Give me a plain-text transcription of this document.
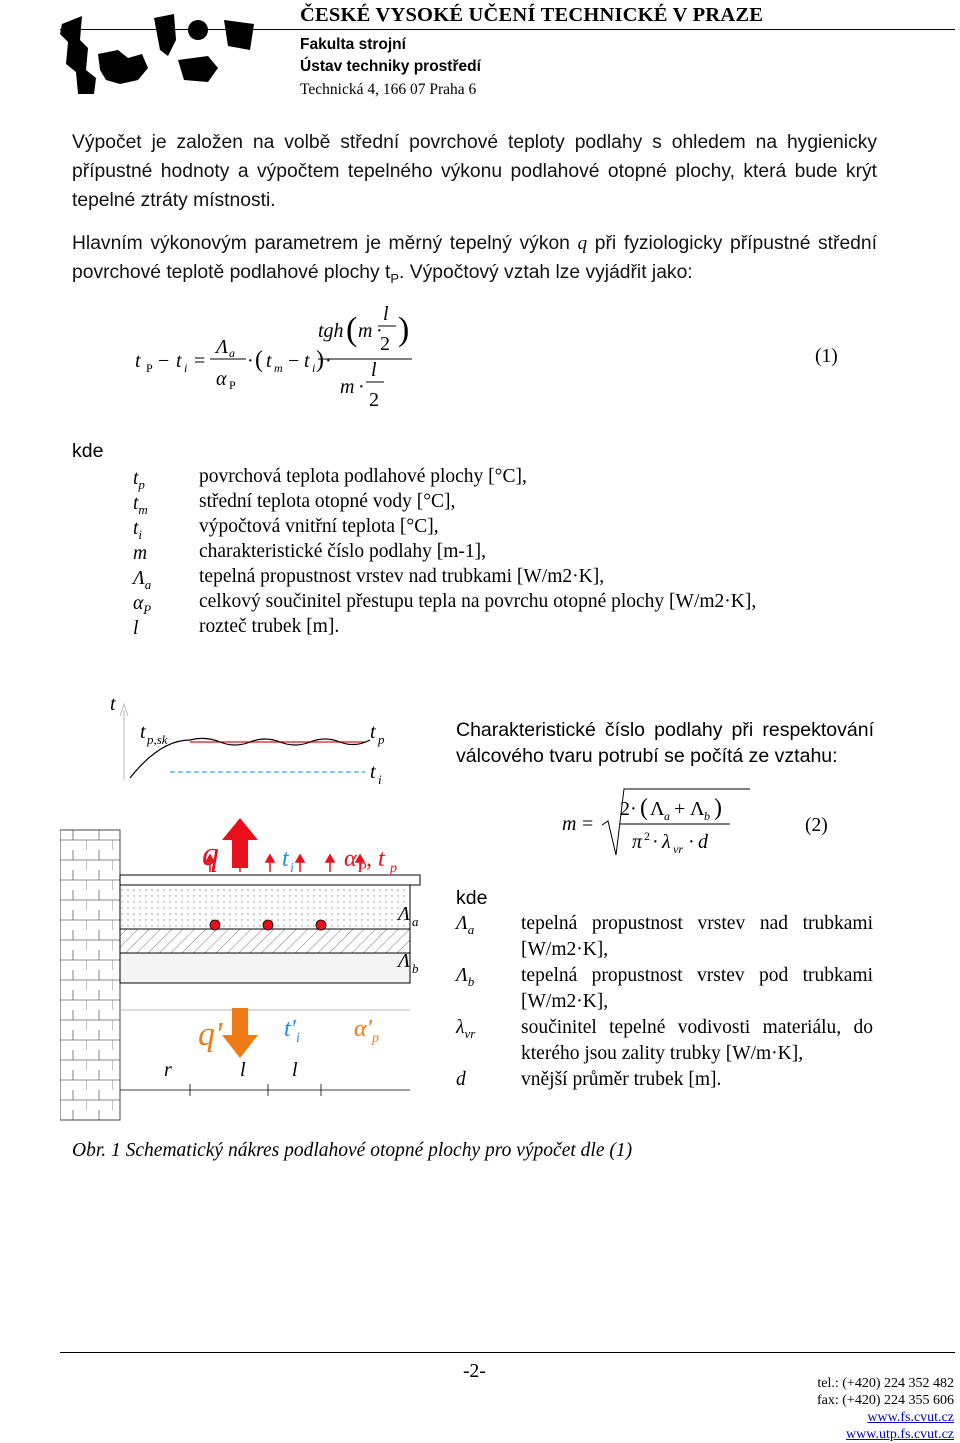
ČESKÉ VYSOKÉ UČENÍ TECHNICKÉ V PRAZE
Fakulta strojní
Ústav techniky prostředí
Technická 4, 166 07 Praha 6
Výpočet je založen na volbě střední povrchové teploty podlahy s ohledem na hygienicky přípustné hodnoty a výpočtem tepelného výkonu podlahové otopné plochy, která bude krýt tepelné ztráty místnosti.
Hlavním výkonovým parametrem je měrný tepelný výkon q při fyziologicky přípustné střední povrchové teplotě podlahové plochy $t_P$. Výpočtový vztah lze vyjádřit jako:
t P − t i =
Λ a
α P
· ( t m − t i ) ·
tgh ( m ·
l
2 )
m ·
l
2
(1)
kde
$t_p$	povrchová teplota podlahové plochy [°C],
$t_m$	střední teplota otopné vody [°C],
$t_i$	výpočtová vnitřní teplota [°C],
m	charakteristické číslo podlahy [m-1],
$\Lambda_a$ tepelná propustnost vrstev nad trubkami [W/m2·K],
$\alpha_P$ celkový součinitel přestupu tepla na povrchu otopné plochy [W/m2·K],
l	rozteč trubek [m].
t
t p,sk	t p
t i
q
q'
t i
t' i
α P , t p
α' p
Λ a
Λ b
r	l l
Charakteristické číslo podlahy při respektování válcového tvaru potrubí se počítá ze vztahu:
m =
2· ( Λ a + Λ b )
π 2 · λ vr · d
(2)
kde
$\Lambda_a$ tepelná propustnost vrstev nad trubkami [W/m2·K],
$\Lambda_b$ tepelná propustnost vrstev pod trubkami [W/m2·K],
$\lambda_{vr}$ součinitel tepelné vodivosti materiálu, do kterého jsou zality trubky [W/m·K],
d	vnější průměr trubek [m].
Obr. 1 Schematický nákres podlahové otopné plochy pro výpočet dle (1)
-2-
tel.: (+420) 224 352 482
fax: (+420) 224 355 606
www.fs.cvut.cz
www.utp.fs.cvut.cz
